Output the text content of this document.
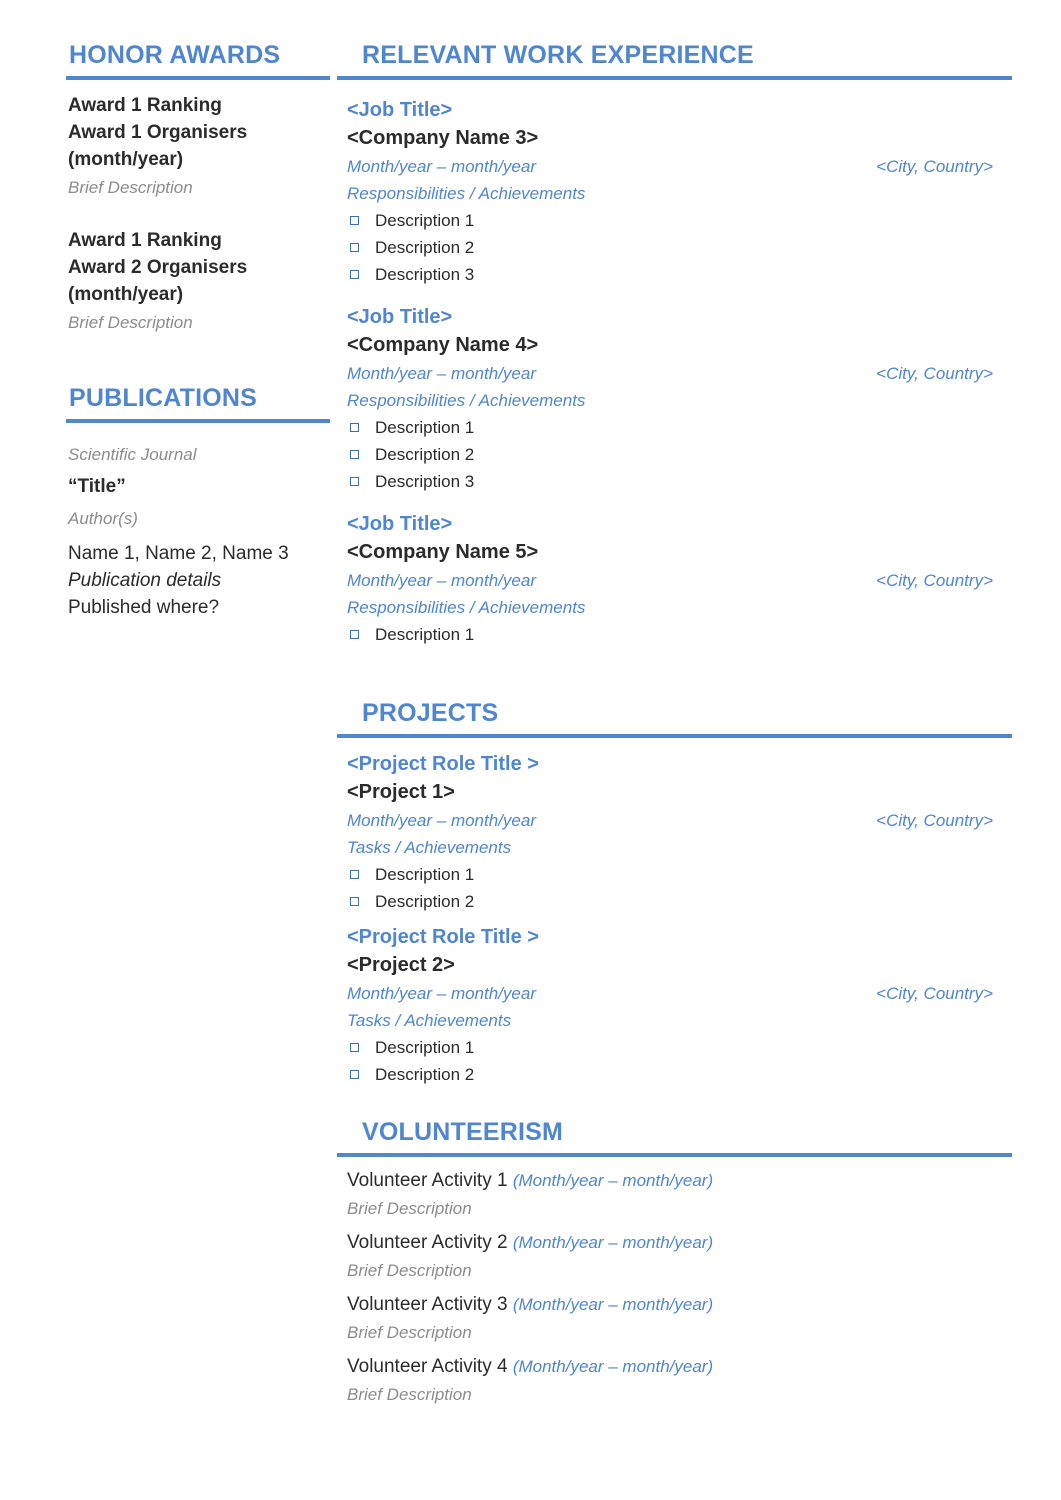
HONOR AWARDS
Award 1 Ranking
Award 1 Organisers
(month/year)
Brief Description
Award 1 Ranking
Award 2 Organisers
(month/year)
Brief Description
PUBLICATIONS
Scientific Journal
“Title”
Author(s)
Name 1, Name 2, Name 3
Publication details
Published where?
RELEVANT WORK EXPERIENCE
<Job Title>
<Company Name 3>
Month/year – month/year	<City, Country>
Responsibilities / Achievements
Description 1
Description 2
Description 3
<Job Title>
<Company Name 4>
Month/year – month/year	<City, Country>
Responsibilities / Achievements
Description 1
Description 2
Description 3
<Job Title>
<Company Name 5>
Month/year – month/year	<City, Country>
Responsibilities / Achievements
Description 1
PROJECTS
<Project Role Title >
<Project 1>
Month/year – month/year	<City, Country>
Tasks / Achievements
Description 1
Description 2
<Project Role Title >
<Project 2>
Month/year – month/year	<City, Country>
Tasks / Achievements
Description 1
Description 2
VOLUNTEERISM
Volunteer Activity 1 (Month/year – month/year)
Brief Description
Volunteer Activity 2 (Month/year – month/year)
Brief Description
Volunteer Activity 3 (Month/year – month/year)
Brief Description
Volunteer Activity 4 (Month/year – month/year)
Brief Description
